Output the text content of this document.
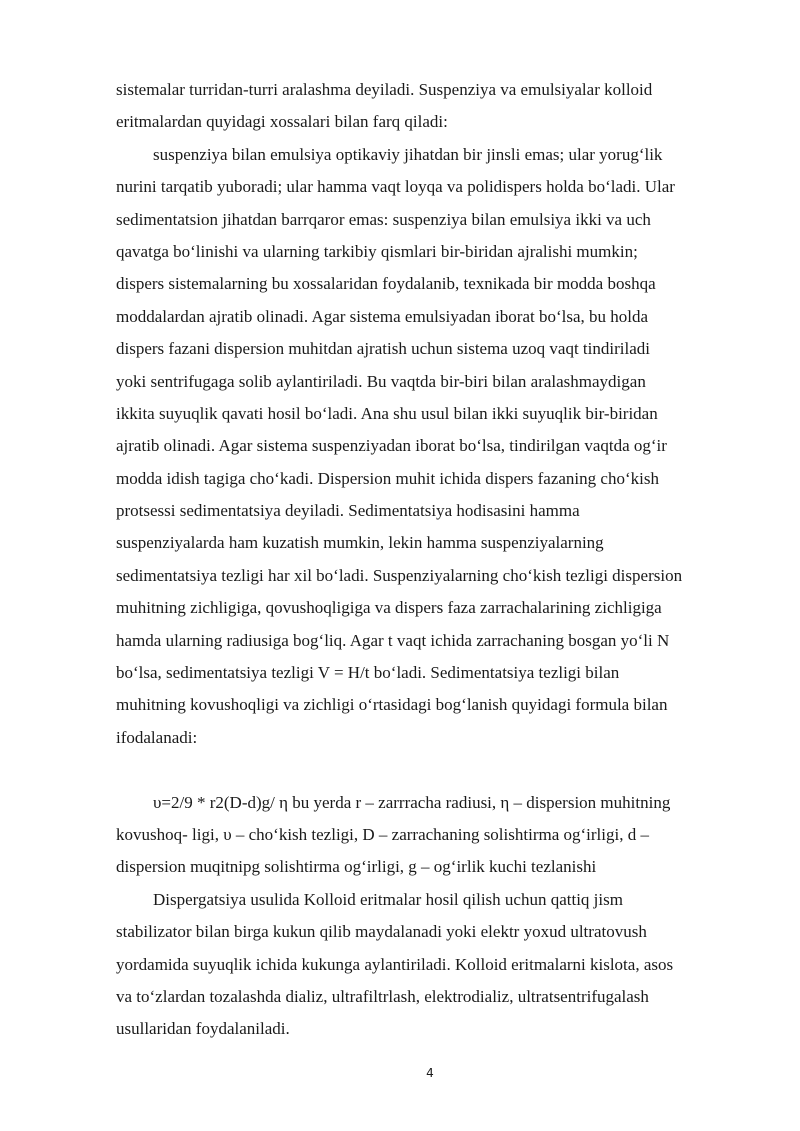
sistemalar turridan-turri aralashma deyiladi. Suspenziya va emulsiyalar kolloid
eritmalardan quyidagi xossalari bilan farq qiladi:
suspenziya bilan emulsiya optikaviy jihatdan bir jinsli emas; ular yorug‘lik
nurini tarqatib yuboradi; ular hamma vaqt loyqa va polidispers holda bo‘ladi. Ular
sedimentatsion jihatdan barrqaror emas: suspenziya bilan emulsiya ikki va uch
qavatga bo‘linishi va ularning tarkibiy qismlari bir-biridan ajralishi mumkin;
dispers sistemalarning bu xossalaridan foydalanib, texnikada bir modda boshqa
moddalardan ajratib olinadi. Agar sistema emulsiyadan iborat bo‘lsa, bu holda
dispers fazani dispersion muhitdan ajratish uchun sistema uzoq vaqt tindiriladi
yoki sentrifugaga solib aylantiriladi. Bu vaqtda bir-biri bilan aralashmaydigan
ikkita suyuqlik qavati hosil bo‘ladi. Ana shu usul bilan ikki suyuqlik bir-biridan
ajratib olinadi. Agar sistema suspenziyadan iborat bo‘lsa, tindirilgan vaqtda og‘ir
modda idish tagiga cho‘kadi. Dispersion muhit ichida dispers fazaning cho‘kish
protsessi sedimentatsiya deyiladi. Sedimentatsiya hodisasini hamma
suspenziyalarda ham kuzatish mumkin, lekin hamma suspenziyalarning
sedimentatsiya tezligi har xil bo‘ladi. Suspenziyalarning cho‘kish tezligi dispersion
muhitning zichligiga, qovushoqligiga va dispers faza zarrachalarining zichligiga
hamda ularning radiusiga bog‘liq. Agar t vaqt ichida zarrachaning bosgan yo‘li N
bo‘lsa, sedimentatsiya tezligi V = H/t bo‘ladi. Sedimentatsiya tezligi bilan
muhitning kovushoqligi va zichligi o‘rtasidagi bog‘lanish quyidagi formula bilan
ifodalanadi:
υ=2/9 * r2(D-d)g/ η bu yerda r – zarrracha radiusi, η – dispersion muhitning
kovushoq- ligi, υ – cho‘kish tezligi, D – zarrachaning solishtirma og‘irligi, d –
dispersion muqitnipg solishtirma og‘irligi, g – og‘irlik kuchi tezlanishi
Dispergatsiya usulida Kolloid eritmalar hosil qilish uchun qattiq jism
stabilizator bilan birga kukun qilib maydalanadi yoki elektr yoxud ultratovush
yordamida suyuqlik ichida kukunga aylantiriladi. Kolloid eritmalarni kislota, asos
va to‘zlardan tozalashda dializ, ultrafiltrlash, elektrodializ, ultratsentrifugalash
usullaridan foydalaniladi.
4
